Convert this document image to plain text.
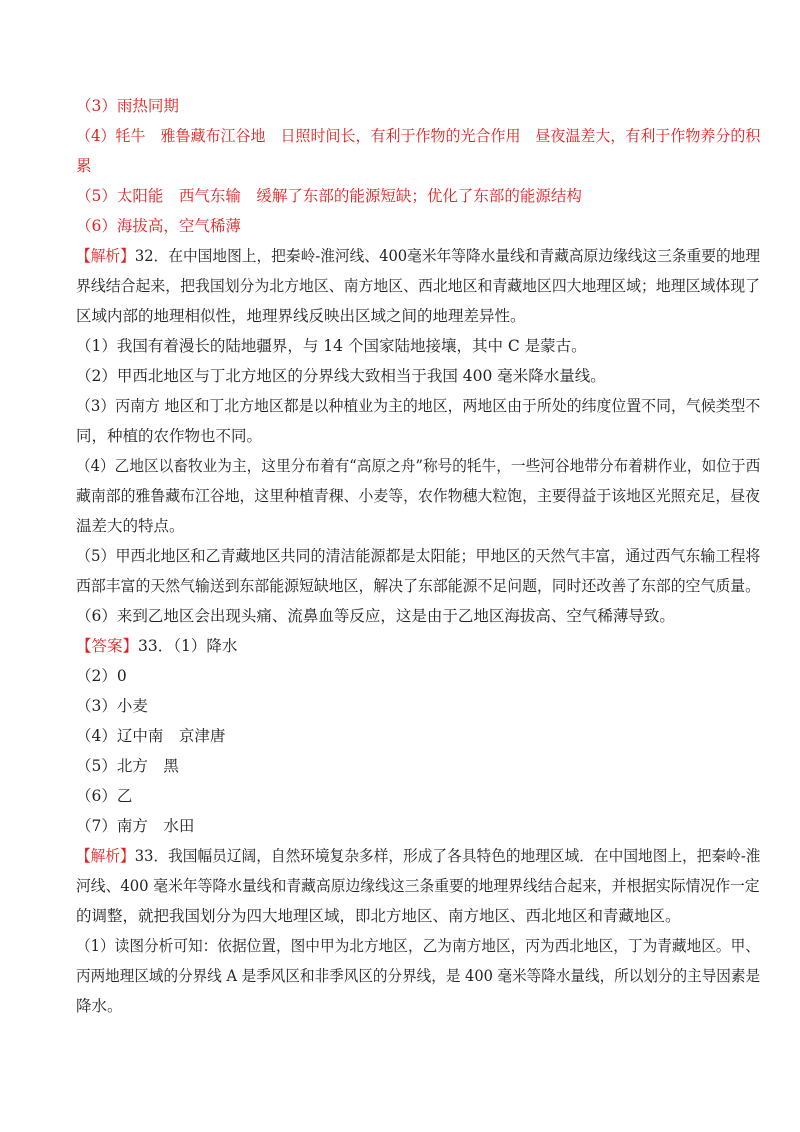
（3）雨热同期
（4）牦牛　雅鲁藏布江谷地　日照时间长，有利于作物的光合作用　昼夜温差大，有利于作物养分的积
累
（5）太阳能　西气东输　缓解了东部的能源短缺；优化了东部的能源结构
（6）海拔高，空气稀薄
【解析】32．在中国地图上，把秦岭-淮河线、400毫米年等降水量线和青藏高原边缘线这三条重要的地理
界线结合起来，把我国划分为北方地区、南方地区、西北地区和青藏地区四大地理区域；地理区域体现了
区域内部的地理相似性，地理界线反映出区域之间的地理差异性。
（1）我国有着漫长的陆地疆界，与 14 个国家陆地接壤，其中 C 是蒙古。
（2）甲西北地区与丁北方地区的分界线大致相当于我国 400 毫米降水量线。
（3）丙南方 地区和丁北方地区都是以种植业为主的地区，两地区由于所处的纬度位置不同，气候类型不
同，种植的农作物也不同。
（4）乙地区以畜牧业为主，这里分布着有“高原之舟”称号的牦牛，一些河谷地带分布着耕作业，如位于西
藏南部的雅鲁藏布江谷地，这里种植青稞、小麦等，农作物穗大粒饱，主要得益于该地区光照充足，昼夜
温差大的特点。
（5）甲西北地区和乙青藏地区共同的清洁能源都是太阳能；甲地区的天然气丰富，通过西气东输工程将
西部丰富的天然气输送到东部能源短缺地区，解决了东部能源不足问题，同时还改善了东部的空气质量。
（6）来到乙地区会出现头痛、流鼻血等反应，这是由于乙地区海拔高、空气稀薄导致。
【答案】33．（1）降水
（2）0
（3）小麦
（4）辽中南　京津唐
（5）北方　黑
（6）乙
（7）南方　水田
【解析】33．我国幅员辽阔，自然环境复杂多样，形成了各具特色的地理区域．在中国地图上，把秦岭-淮
河线、400 毫米年等降水量线和青藏高原边缘线这三条重要的地理界线结合起来，并根据实际情况作一定
的调整，就把我国划分为四大地理区域，即北方地区、南方地区、西北地区和青藏地区。
（1）读图分析可知：依据位置，图中甲为北方地区，乙为南方地区，丙为西北地区，丁为青藏地区。甲、
丙两地理区域的分界线 A 是季风区和非季风区的分界线，是 400 毫米等降水量线，所以划分的主导因素是
降水。
